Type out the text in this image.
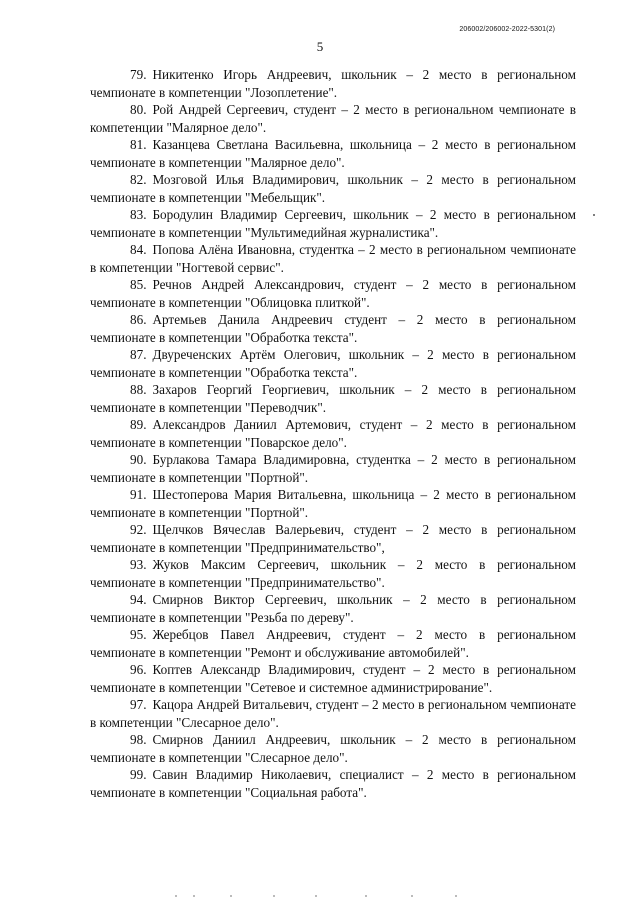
206002/206002-2022-5301(2)
5

79. Никитенко Игорь Андреевич, школьник – 2 место в региональном чемпионате в компетенции "Лозоплетение".

80. Рой Андрей Сергеевич, студент – 2 место в региональном чемпионате в компетенции "Малярное дело".

81. Казанцева Светлана Васильевна, школьница – 2 место в региональном чемпионате в компетенции "Малярное дело".

82. Мозговой Илья Владимирович, школьник – 2 место в региональном чемпионате в компетенции "Мебельщик".

83. Бородулин Владимир Сергеевич, школьник – 2 место в региональном чемпионате в компетенции "Мультимедийная журналистика".

84. Попова Алёна Ивановна, студентка – 2 место в региональном чемпионате в компетенции "Ногтевой сервис".

85. Речнов Андрей Александрович, студент – 2 место в региональном чемпионате в компетенции "Облицовка плиткой".

86. Артемьев Данила Андреевич студент – 2 место в региональном чемпионате в компетенции "Обработка текста".

87. Двуреченских Артём Олегович, школьник – 2 место в региональном чемпионате в компетенции "Обработка текста".

88. Захаров Георгий Георгиевич, школьник – 2 место в региональном чемпионате в компетенции "Переводчик".

89. Александров Даниил Артемович, студент – 2 место в региональном чемпионате в компетенции "Поварское дело".

90. Бурлакова Тамара Владимировна, студентка – 2 место в региональном чемпионате в компетенции "Портной".

91. Шестоперова Мария Витальевна, школьница – 2 место в региональном чемпионате в компетенции "Портной".

92. Щелчков Вячеслав Валерьевич, студент – 2 место в региональном чемпионате в компетенции "Предпринимательство",

93. Жуков Максим Сергеевич, школьник – 2 место в региональном чемпионате в компетенции "Предпринимательство".

94. Смирнов Виктор Сергеевич, школьник – 2 место в региональном чемпионате в компетенции "Резьба по дереву".

95. Жеребцов Павел Андреевич, студент – 2 место в региональном чемпионате в компетенции "Ремонт и обслуживание автомобилей".

96. Коптев Александр Владимирович, студент – 2 место в региональном чемпионате в компетенции "Сетевое и системное администрирование".

97. Кацора Андрей Витальевич, студент – 2 место в региональном чемпионате в компетенции "Слесарное дело".

98. Смирнов Даниил Андреевич, школьник – 2 место в региональном чемпионате в компетенции "Слесарное дело".

99. Савин Владимир Николаевич, специалист – 2 место в региональном чемпионате в компетенции "Социальная работа".
